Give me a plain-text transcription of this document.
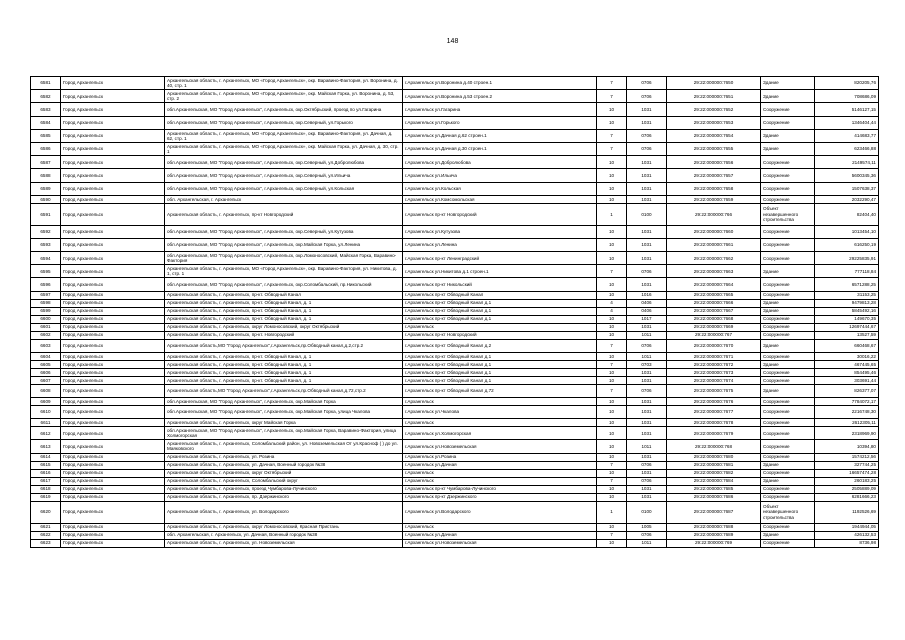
148
6581	Город Архангельск	Архангельская область, г. Архангельск, МО «Город Архангельск», окр. Варавино-Фактория, ул. Воронина, д. 40, стр. 1	г.Архангельск ул.Воронина д.40 строен.1	7	0706	29:22:000000:7650	Здание	820205,76
6582	Город Архангельск	Архангельская область, г. Архангельск, МО «Город Архангельск», окр. Майская Горка, ул. Воронина, д. 53, стр. 2	г.Архангельск ул.Воронина д.53 строен.2	7	0706	29:22:000000:7651	Здание	708686,09
6583	Город Архангельск	обл.Архангельская, МО "Город Архангельск", г.Архангельск, окр.Октябрьский, проезд по ул.Гагарина	г.Архангельск ул.Гагарина	10	1031	29:22:000000:7652	Сооружение	5146127,15
6584	Город Архангельск	обл.Архангельская, МО "Город Архангельск", г.Архангельск, окр.Северный, ул.Горького	г.Архангельск ул.Горького	10	1031	29:22:000000:7653	Сооружение	1346404,44
6585	Город Архангельск	Архангельская область, г. Архангельск, МО «Город Архангельск», окр. Варавино-Фактория, ул. Дачная, д. 62, стр. 1	г.Архангельск ул.Дачная д.62 строен.1	7	0706	29:22:000000:7654	Здание	414683,77
6586	Город Архангельск	Архангельская область, г. Архангельск, МО «Город Архангельск», окр. Майская Горка, ул. Дачная, д. 30, стр. 1	г.Архангельск ул.Дачная д.30 строен.1	7	0706	29:22:000000:7655	Здание	623466,88
6587	Город Архангельск	обл.Архангельская, МО "Город Архангельск", г.Архангельск, окр.Северный, ул.Добролюбова	г.Архангельск ул.Добролюбова	10	1031	29:22:000000:7656	Сооружение	2149574,11
6588	Город Архангельск	обл.Архангельская, МО "Город Архангельск", г.Архангельск, окр.Северный, ул.Ильича	г.Архангельск ул.Ильича	10	1031	29:22:000000:7657	Сооружение	5600345,36
6589	Город Архангельск	обл.Архангельская, МО "Город Архангельск", г.Архангельск, окр.Северный, ул.Кольская	г.Архангельск ул.Кольская	10	1031	29:22:000000:7658	Сооружение	1507638,37
6590	Город Архангельск	обл. Архангельская, г. Архангельск	г.Архангельск ул.Комсомольская	10	1031	29:22:000000:7659	Сооружение	2032290,47
6591	Город Архангельск	Архангельская область, г. Архангельск, пр-кт Новгородский	г.Архангельск пр-кт Новгородский	1	0100	29:22:000000:766	Объект незавершенного строительства	82404,40
6592	Город Архангельск	обл.Архангельская, МО "Город Архангельск", г.Архангельск, окр.Северный, ул.Кутузова	г.Архангельск ул.Кутузова	10	1031	29:22:000000:7660	Сооружение	1013454,10
6593	Город Архангельск	обл.Архангельская, МО "Город Архангельск", г.Архангельск, окр.Майская Горка, ул.Ленина	г.Архангельск ул.Ленина	10	1031	29:22:000000:7661	Сооружение	616250,19
6594	Город Архангельск	обл.Архангельская, МО "Город Архангельск", г.Архангельск, окр.Ломоносовский, Майская Горка, Варавино-Фактория	г.Архангельск пр-кт Ленинградский	10	1031	29:22:000000:7662	Сооружение	29225835,91
6595	Город Архангельск	Архангельская область, г. Архангельск, МО «Город Архангельск», окр. Варавино-Фактория, ул. Никитова, д. 1, стр. 1	г.Архангельск ул.Никитова д.1 строен.1	7	0706	29:22:000000:7663	Здание	777118,84
6596	Город Архангельск	обл.Архангельская, МО "Город Архангельск", г.Архангельск, окр.Соломбальский, пр.Никольский	г.Архангельск пр-кт Никольский	10	1031	29:22:000000:7664	Сооружение	6571288,25
6597	Город Архангельск	Архангельская область, г. Архангельск, пр-кт. Обводный Канал	г.Архангельск пр-кт Обводный Канал	10	1016	29:22:000000:7665	Сооружение	31153,25
6598	Город Архангельск	Архангельская область, г. Архангельск, пр-кт. Обводный Канал, д. 1	г.Архангельск пр-кт Обводный Канал д.1	4	0406	29:22:000000:7666	Здание	9479813,28
6599	Город Архангельск	Архангельская область, г. Архангельск, пр-кт. Обводный Канал, д. 1	г.Архангельск пр-кт Обводный Канал д.1	4	0406	29:22:000000:7667	Здание	5845492,16
6600	Город Архангельск	Архангельская область, г. Архангельск, пр-кт. Обводный Канал, д. 1	г.Архангельск пр-кт Обводный Канал д.1	10	1017	29:22:000000:7668	Сооружение	149670,35
6601	Город Архангельск	Архангельская область, г. Архангельск, округ Ломоносовский, округ Октябрьский	г.Архангельск	10	1031	29:22:000000:7669	Сооружение	12697444,67
6602	Город Архангельск	Архангельская область, г. Архангельск, пр-кт. Новгородский	г.Архангельск пр-кт Новгородский	10	1011	29:22:000000:767	Сооружение	13527,59
6603	Город Архангельск	Архангельская область,МО "Город Архангельск",г.Архангельск,пр.Обводный канал,д.2,стр.2	г.Архангельск пр-кт Обводный Канал д.2	7	0706	29:22:000000:7670	Здание	660468,67
6604	Город Архангельск	Архангельская область, г. Архангельск, пр-кт. Обводный Канал, д. 1	г.Архангельск пр-кт Обводный Канал д.1	10	1011	29:22:000000:7671	Сооружение	30016,22
6605	Город Архангельск	Архангельская область, г. Архангельск, пр-кт. Обводный Канал, д. 1	г.Архангельск пр-кт Обводный Канал д.1	7	0703	29:22:000000:7672	Здание	467445,65
6606	Город Архангельск	Архангельская область, г. Архангельск, пр-кт. Обводный Канал, д. 1	г.Архангельск пр-кт Обводный Канал д.1	10	1031	29:22:000000:7673	Сооружение	854495,46
6607	Город Архангельск	Архангельская область, г. Архангельск, пр-кт. Обводный Канал, д. 1	г.Архангельск пр-кт Обводный Канал д.1	10	1031	29:22:000000:7674	Сооружение	303691,44
6608	Город Архангельск	Архангельская область,МО "Город Архангельск",г.Архангельск,пр.Обводный канал,д.72,стр.2	г.Архангельск пр-кт Обводный Канал д.72	7	0706	29:22:000000:7675	Здание	826377,07
6609	Город Архангельск	обл.Архангельская, МО "Город Архангельск", г.Архангельск, окр.Майская Горка	г.Архангельск	10	1031	29:22:000000:7676	Сооружение	7784072,17
6610	Город Архангельск	обл.Архангельская, МО "Город Архангельск", г.Архангельск, окр.Майская Горка, улица Чкалова	г.Архангельск ул.Чкалова	10	1031	29:22:000000:7677	Сооружение	2216748,30
6611	Город Архангельск	Архангельская область, г. Архангельск, округ Майская Горка	г.Архангельск	10	1031	29:22:000000:7678	Сооружение	2612305,11
6612	Город Архангельск	обл.Архангельская, МО "Город Архангельск", г.Архангельск, окр.Майская Горка, Варавино-Фактория, улица Холмогорская	г.Архангельск ул.Холмогорская	10	1031	29:22:000000:7679	Сооружение	2318969,90
6613	Город Архангельск	Архангельская область, г. Архангельск, Соломбальский район, ул. Новоземельская От ул.Красноф ( ) до ул. Маяковского	г.Архангельск ул.Новоземельская	10	1011	29:22:000000:768	Сооружение	10394,80
6614	Город Архангельск	Архангельская область, г. Архангельск, ул. Розина	г.Архангельск ул.Розина	10	1031	29:22:000000:7680	Сооружение	1574212,56
6615	Город Архангельск	Архангельская область, г. Архангельск, ул. Дачная, Военный городок №38	г.Архангельск ул.Дачная	7	0706	29:22:000000:7681	Здание	327744,25
6616	Город Архангельск	Архангельская область, г. Архангельск, округ Октябрьский	г.Архангельск	10	1031	29:22:000000:7682	Сооружение	16657474,28
6617	Город Архангельск	Архангельская область, г. Архангельск, Соломбальский округ	г.Архангельск	7	0706	29:22:000000:7684	Здание	260183,25
6618	Город Архангельск	Архангельская область, г. Архангельск, проезд Чумбарова-Лучинского	г.Архангельск пр-кт Чумбарова-Лучинского	10	1031	29:22:000000:7685	Сооружение	2505889,09
6619	Город Архангельск	Архангельская область, г. Архангельск, пр. Дзержинского	г.Архангельск пр-кт Дзержинского	10	1031	29:22:000000:7686	Сооружение	6281666,23
6620	Город Архангельск	Архангельская область, г. Архангельск, ул. Володарского	г.Архангельск ул.Володарского	1	0100	29:22:000000:7687	Объект незавершенного строительства	1192526,69
6621	Город Архангельск	Архангельская область, г. Архангельск, округ Ломоносовский, Красная Пристань	г.Архангельск	10	1005	29:22:000000:7688	Сооружение	1944944,05
6622	Город Архангельск	обл. Архангельская, г. Архангельск, ул. Дачная, Военный городок №38	г.Архангельск ул.Дачная	7	0706	29:22:000000:7689	Здание	426132,53
6623	Город Архангельск	Архангельская область, г. Архангельск, ул. Новоземельская	г.Архангельск ул.Новоземельская	10	1011	29:22:000000:769	Сооружение	8736,98
